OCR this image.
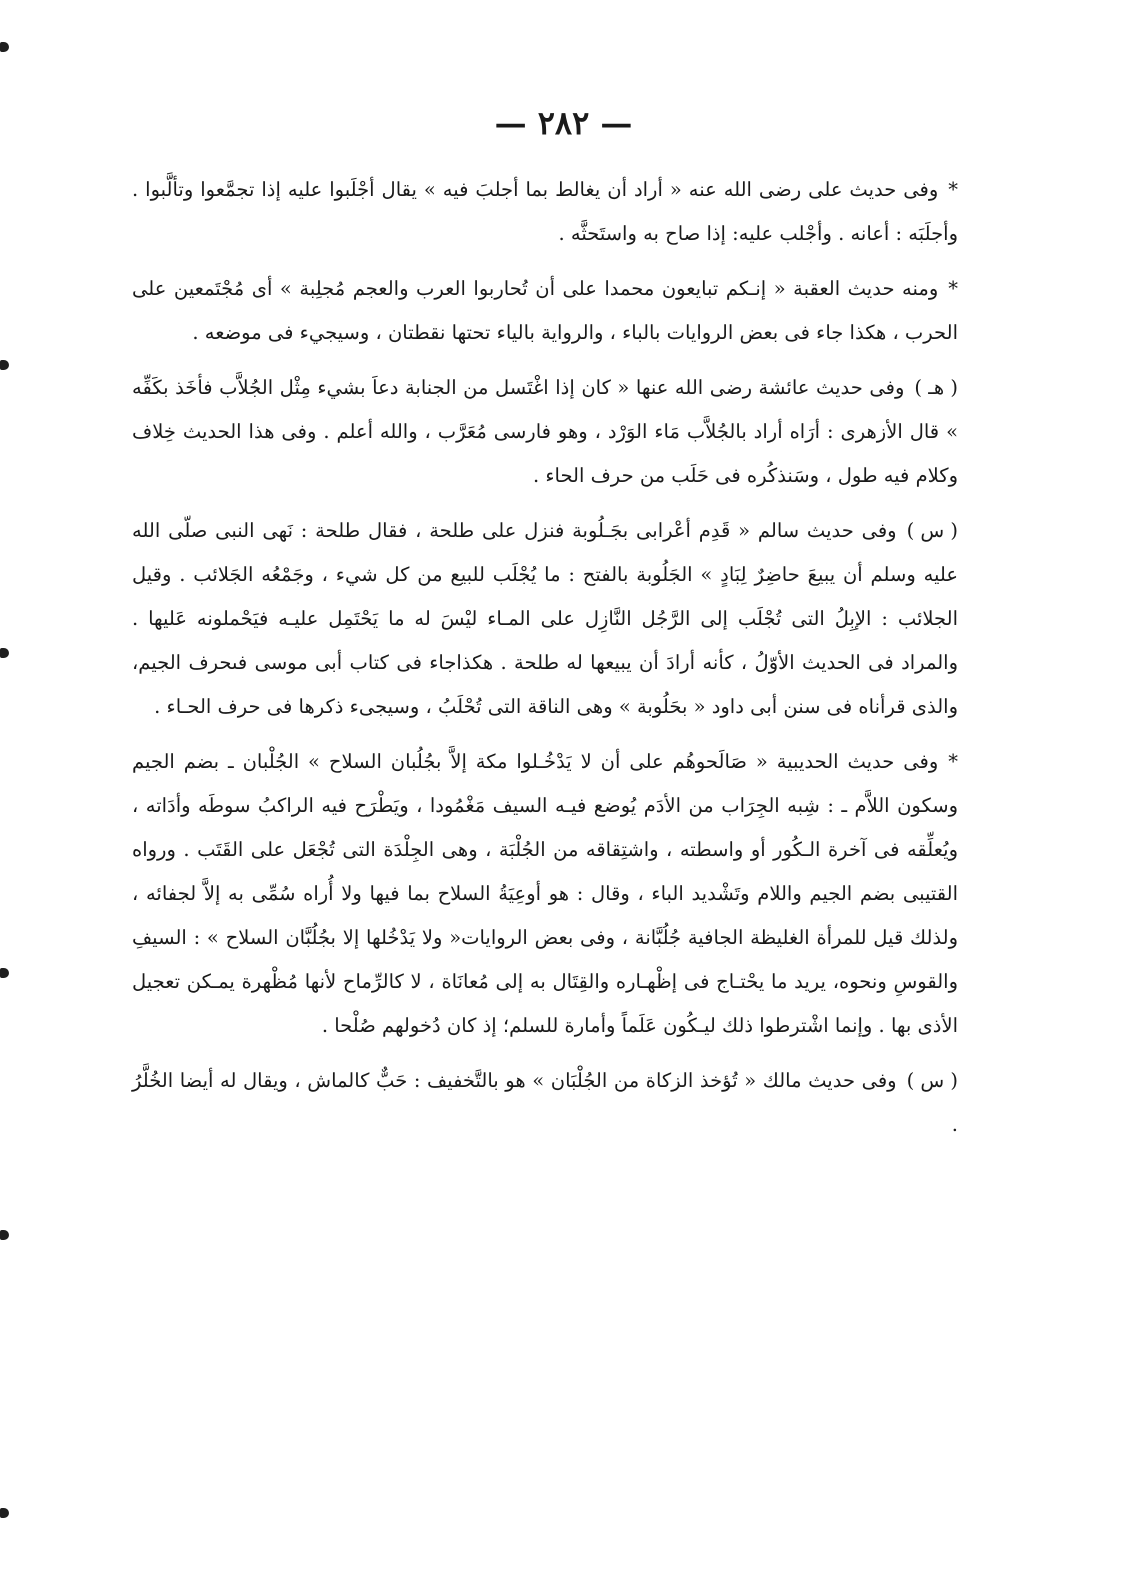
— ٢٨٢ —

*وفى حديث على رضى الله عنه « أراد أن يغالط بما أجلبَ فيه » يقال أجْلَبوا عليه إذا تجمَّعوا وتألَّبوا . وأجلَبَه : أعانه . وأجْلب عليه: إذا صاح به واستَحثَّه .

*ومنه حديث العقبة « إنـكم تبايعون محمدا على أن تُحاربوا العرب والعجم مُجلِبة » أى مُجْتَمعين على الحرب ، هكذا جاء فى بعض الروايات بالباء ، والرواية بالياء تحتها نقطتان ، وسيجيء فى موضعه .

( هـ )وفى حديث عائشة رضى الله عنها « كان إذا اغْتَسل من الجنابة دعاَ بشيء مِثْل الجُلاَّب فأخَذ بكَفِّه » قال الأزهرى : أرَاه أراد بالجُلاَّب مَاء الوَرْد ، وهو فارسى مُعَرَّب ، والله أعلم . وفى هذا الحديث خِلاف وكلام فيه طول ، وسَنذكُره فى حَلَب من حرف الحاء .

( س )وفى حديث سالم « قَدِم أعْرابى بجَـلُوبة فنزل على طلحة ، فقال طلحة : نَهى النبى صلّى الله عليه وسلم أن يبيعَ حاضِرٌ لِبَادٍ » الجَلُوبة بالفتح : ما يُجْلَب للبيع من كل شيء ، وجَمْعُه الجَلائب . وقيل الجلائب : الإبِلُ التى تُجْلَب إلى الرَّجُل النَّازِل على المـاء ليْسَ له ما يَحْتَمِل عليـه فيَحْملونه عَليها . والمراد فى الحديث الأوّلُ ، كأنه أرادَ أن يبيعها له طلحة . هكذاجاء فى كتاب أبى موسى فىحرف الجيم، والذى قرأناه فى سنن أبى داود « بحَلُوبة » وهى الناقة التى تُحْلَبُ ، وسيجىء ذكرها فى حرف الحـاء .

*وفى حديث الحديبية « صَالَحوهُم على أن لا يَدْخُـلوا مكة إلاَّ بجُلُبان السلاح » الجُلْبان ـ بضم الجيم وسكون اللاَّم ـ : شِبه الجِرَاب من الأدَم يُوضع فيـه السيف مَغْمُودا ، ويَطْرَح فيه الراكبُ سوطَه وأدَاته ، ويُعلِّقه فى آخرة الـكُور أو واسطته ، واشتِقاقه من الجُلْبَة ، وهى الجِلْدَة التى تُجْعَل على القَتَب . ورواه القتيبى بضم الجيم واللام وتَشْديد الباء ، وقال : هو أوعِيَةُ السلاح بما فيها ولا أُراه سُمِّى به إلاَّ لجفائه ، ولذلك قيل للمرأة الغليظة الجافية جُلُبَّانة ، وفى بعض الروايات« ولا يَدْخُلها إلا بجُلُبَّان السلاح » : السيفِ والقوسِ ونحوه، يريد ما يحْتـاج فى إظْهـاره والقِتَال به إلى مُعانَاة ، لا كالرِّماح لأنها مُظْهرة يمـكن تعجيل الأذى بها . وإنما اشْترطوا ذلك ليـكُون عَلَماً وأمارة للسلم؛ إذ كان دُخولهم صُلْحا .

( س )وفى حديث مالك « تُؤخذ الزكاة من الجُلْبَان » هو بالتَّخفيف : حَبٌّ كالماش ، ويقال له أيضا الخُلَّرُ .
